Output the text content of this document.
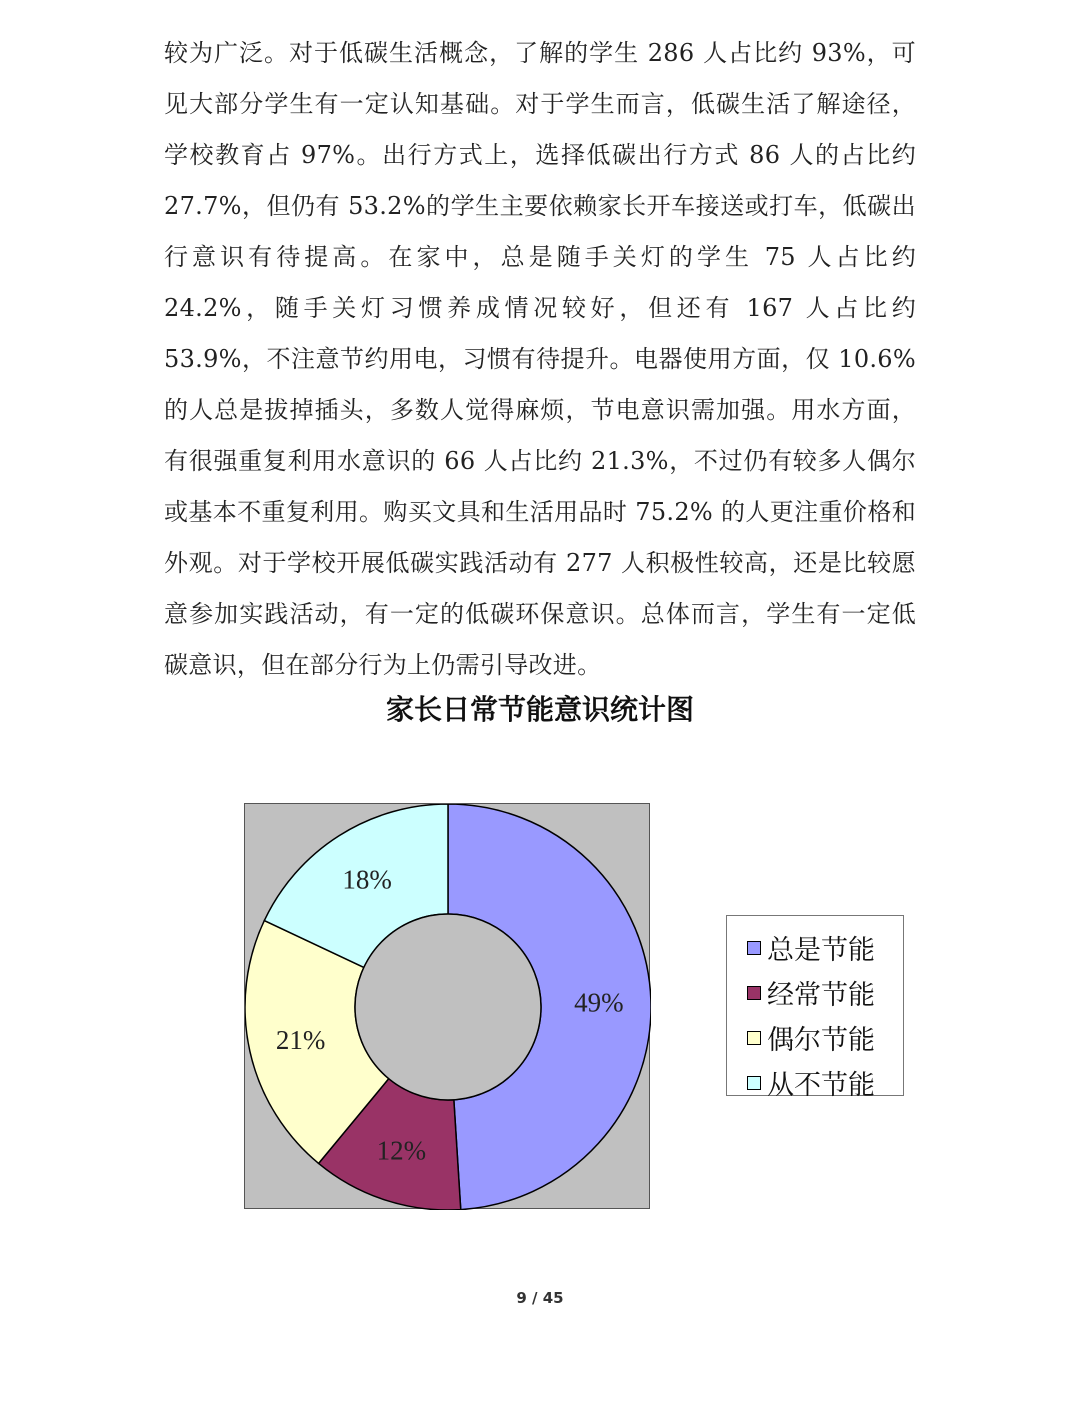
较为广泛。对于低碳生活概念，了解的学生 286 人占比约 93%，可见大部分学生有一定认知基础。对于学生而言，低碳生活了解途径，学校教育占 97%。出行方式上，选择低碳出行方式 86 人的占比约 27.7%，但仍有 53.2%的学生主要依赖家长开车接送或打车，低碳出行意识有待提高。在家中，总是随手关灯的学生 75 人占比约 24.2%，随手关灯习惯养成情况较好，但还有 167 人占比约 53.9%，不注意节约用电，习惯有待提升。电器使用方面，仅 10.6%的人总是拔掉插头，多数人觉得麻烦，节电意识需加强。用水方面，有很强重复利用水意识的 66 人占比约 21.3%，不过仍有较多人偶尔或基本不重复利用。购买文具和生活用品时 75.2% 的人更注重价格和外观。对于学校开展低碳实践活动有 277 人积极性较高，还是比较愿意参加实践活动，有一定的低碳环保意识。总体而言，学生有一定低碳意识，但在部分行为上仍需引导改进。

家长日常节能意识统计图
49%
12%
21%
18%
总是节能
经常节能
偶尔节能
从不节能
9 / 45
